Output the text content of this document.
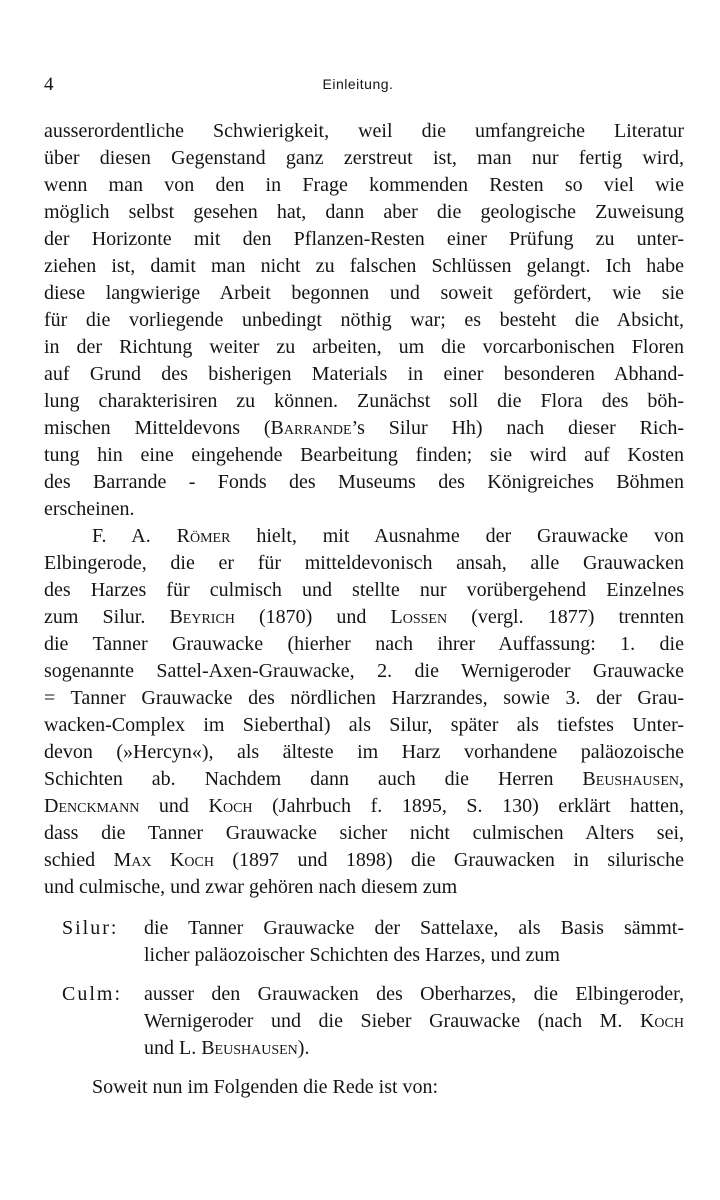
4	Einleitung.
ausserordentliche Schwierigkeit, weil die umfangreiche Literatur
über diesen Gegenstand ganz zerstreut ist, man nur fertig wird,
wenn man von den in Frage kommenden Resten so viel wie
möglich selbst gesehen hat, dann aber die geologische Zuweisung
der Horizonte mit den Pflanzen-Resten einer Prüfung zu unter-
ziehen ist, damit man nicht zu falschen Schlüssen gelangt. Ich habe
diese langwierige Arbeit begonnen und soweit gefördert, wie sie
für die vorliegende unbedingt nöthig war; es besteht die Absicht,
in der Richtung weiter zu arbeiten, um die vorcarbonischen Floren
auf Grund des bisherigen Materials in einer besonderen Abhand-
lung charakterisiren zu können. Zunächst soll die Flora des böh-
mischen Mitteldevons (Barrande’s Silur Hh) nach dieser Rich-
tung hin eine eingehende Bearbeitung finden; sie wird auf Kosten
des Barrande - Fonds des Museums des Königreiches Böhmen
erscheinen.
F. A. Römer hielt, mit Ausnahme der Grauwacke von
Elbingerode, die er für mitteldevonisch ansah, alle Grauwacken
des Harzes für culmisch und stellte nur vorübergehend Einzelnes
zum Silur. Beyrich (1870) und Lossen (vergl. 1877) trennten
die Tanner Grauwacke (hierher nach ihrer Auffassung: 1. die
sogenannte Sattel-Axen-Grauwacke, 2. die Wernigeroder Grauwacke
= Tanner Grauwacke des nördlichen Harzrandes, sowie 3. der Grau-
wacken-Complex im Sieberthal) als Silur, später als tiefstes Unter-
devon (»Hercyn«), als älteste im Harz vorhandene paläozoische
Schichten ab. Nachdem dann auch die Herren Beushausen,
Denckmann und Koch (Jahrbuch f. 1895, S. 130) erklärt hatten,
dass die Tanner Grauwacke sicher nicht culmischen Alters sei,
schied Max Koch (1897 und 1898) die Grauwacken in silurische
und culmische, und zwar gehören nach diesem zum
Silur: die Tanner Grauwacke der Sattelaxe, als Basis sämmt-
licher paläozoischer Schichten des Harzes, und zum
Culm: ausser den Grauwacken des Oberharzes, die Elbingeroder,
Wernigeroder und die Sieber Grauwacke (nach M. Koch
und L. Beushausen).
Soweit nun im Folgenden die Rede ist von:
